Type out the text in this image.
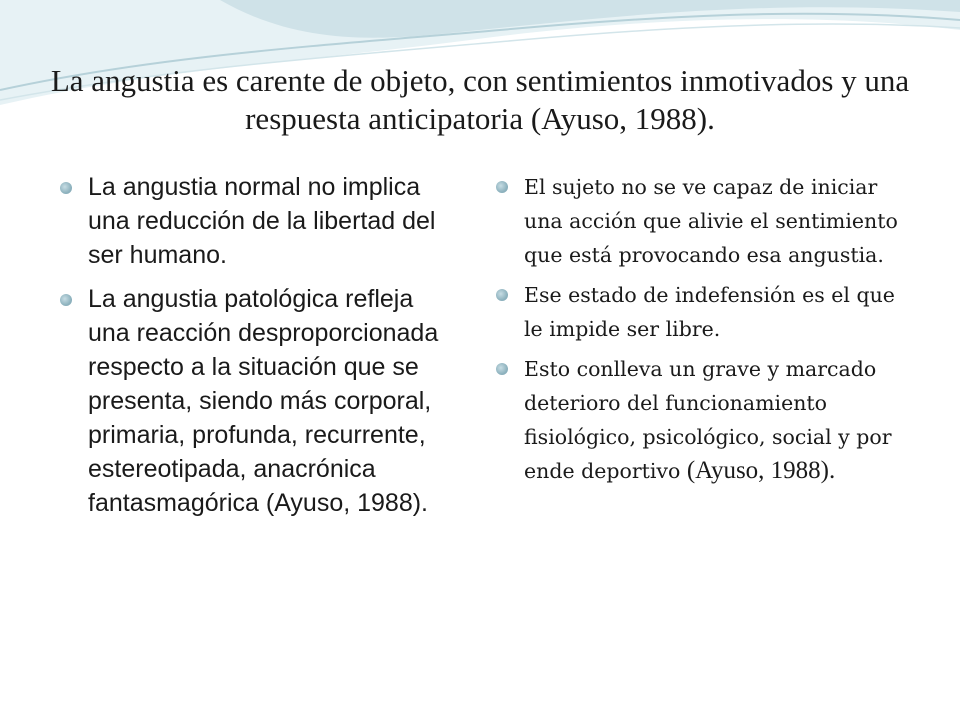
La angustia es carente de objeto, con sentimientos inmotivados y una respuesta anticipatoria (Ayuso, 1988).
La angustia normal no implica una reducción de la libertad del ser humano.
La angustia patológica refleja una reacción desproporcionada respecto a la situación que se presenta, siendo más corporal, primaria, profunda, recurrente, estereotipada, anacrónica fantasmagórica (Ayuso, 1988).
El sujeto no se ve capaz de iniciar una acción que alivie el sentimiento que está provocando esa angustia.
Ese estado de indefensión es el que le impide ser libre.
Esto conlleva un grave y marcado deterioro del funcionamiento fisiológico, psicológico, social y por ende deportivo (Ayuso, 1988).
